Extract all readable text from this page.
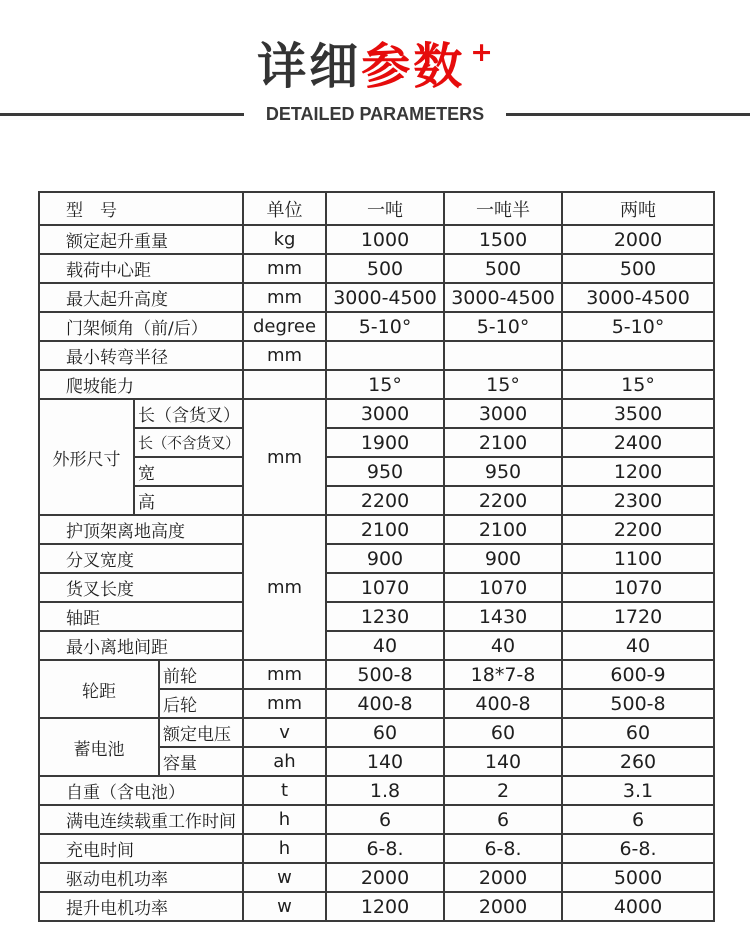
详细参数 +
DETAILED PARAMETERS
型　号			单位	一吨	一吨半	两吨
额定起升重量			kg	1000	1500	2000
载荷中心距			mm	500	500	500
最大起升高度			mm	3000-4500	3000-4500	3000-4500
门架倾角（前/后）			degree	5-10°	5-10°	5-10°
最小转弯半径			mm			
爬坡能力				15°	15°	15°
外形尺寸	长（含货叉）		mm	3000	3000	3500
	长（不含货叉）			1900	2100	2400
	宽			950	950	1200
	高			2200	2200	2300
护顶架离地高度			mm	2100	2100	2200
分叉宽度				900	900	1100
货叉长度				1070	1070	1070
轴距				1230	1430	1720
最小离地间距				40	40	40
轮距		前轮	mm	500-8	18*7-8	600-9
		后轮	mm	400-8	400-8	500-8
蓄电池		额定电压	v	60	60	60
		容量	ah	140	140	260
自重（含电池）			t	1.8	2	3.1
满电连续载重工作时间			h	6	6	6
充电时间			h	6-8.	6-8.	6-8.
驱动电机功率			w	2000	2000	5000
提升电机功率			w	1200	2000	4000
